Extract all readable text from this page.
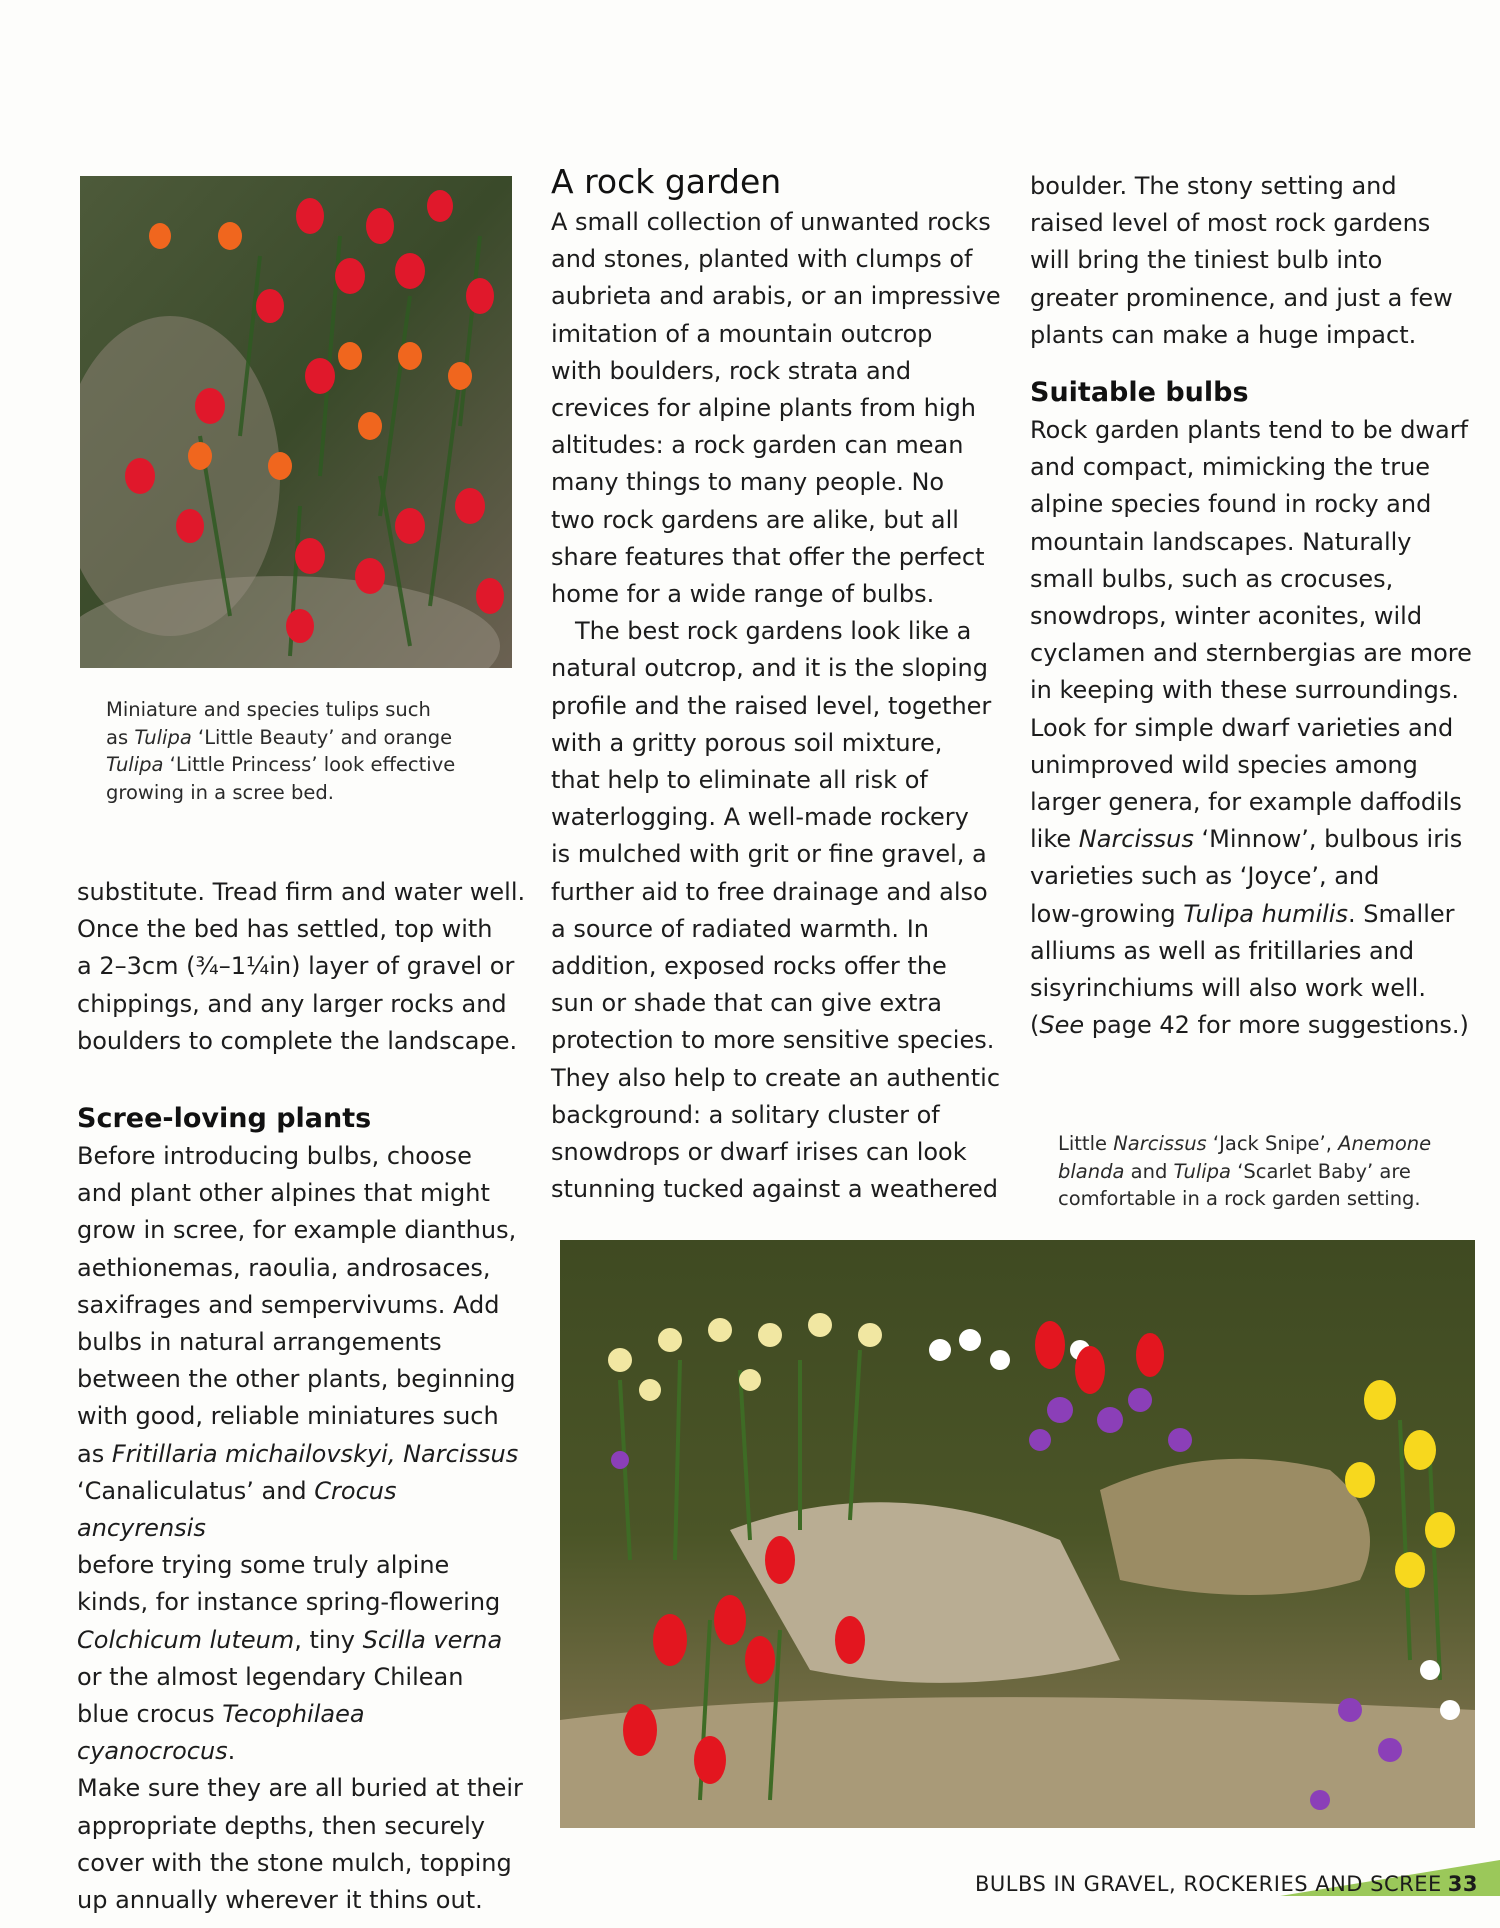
Miniature and species tulips such
as Tulipa ‘Little Beauty’ and orange
Tulipa ‘Little Princess’ look effective
growing in a scree bed.

substitute. Tread firm and water well.
Once the bed has settled, top with
a 2–3cm (¾–1¼in) layer of gravel or
chippings, and any larger rocks and
boulders to complete the landscape.

Scree-loving plants

Before introducing bulbs, choose
and plant other alpines that might
grow in scree, for example dianthus,
aethionemas, raoulia, androsaces,
saxifrages and sempervivums. Add
bulbs in natural arrangements
between the other plants, beginning
with good, reliable miniatures such
as Fritillaria michailovskyi, Narcissus
‘Canaliculatus’ and Crocus ancyrensis
before trying some truly alpine
kinds, for instance spring-flowering
Colchicum luteum, tiny Scilla verna
or the almost legendary Chilean
blue crocus Tecophilaea cyanocrocus.
Make sure they are all buried at their
appropriate depths, then securely
cover with the stone mulch, topping
up annually wherever it thins out.

A rock garden

A small collection of unwanted rocks
and stones, planted with clumps of
aubrieta and arabis, or an impressive
imitation of a mountain outcrop
with boulders, rock strata and
crevices for alpine plants from high
altitudes: a rock garden can mean
many things to many people. No
two rock gardens are alike, but all
share features that offer the perfect
home for a wide range of bulbs.

The best rock gardens look like a
natural outcrop, and it is the sloping
profile and the raised level, together
with a gritty porous soil mixture,
that help to eliminate all risk of
waterlogging. A well-made rockery
is mulched with grit or fine gravel, a
further aid to free drainage and also
a source of radiated warmth. In
addition, exposed rocks offer the
sun or shade that can give extra
protection to more sensitive species.
They also help to create an authentic
background: a solitary cluster of
snowdrops or dwarf irises can look
stunning tucked against a weathered

boulder. The stony setting and
raised level of most rock gardens
will bring the tiniest bulb into
greater prominence, and just a few
plants can make a huge impact.

Suitable bulbs

Rock garden plants tend to be dwarf
and compact, mimicking the true
alpine species found in rocky and
mountain landscapes. Naturally
small bulbs, such as crocuses,
snowdrops, winter aconites, wild
cyclamen and sternbergias are more
in keeping with these surroundings.
Look for simple dwarf varieties and
unimproved wild species among
larger genera, for example daffodils
like Narcissus ‘Minnow’, bulbous iris
varieties such as ‘Joyce’, and
low-growing Tulipa humilis. Smaller
alliums as well as fritillaries and
sisyrinchiums will also work well.
(See page 42 for more suggestions.)

Little Narcissus ‘Jack Snipe’, Anemone
blanda and Tulipa ‘Scarlet Baby’ are
comfortable in a rock garden setting.
BULBS IN GRAVEL, ROCKERIES AND SCREE 33
